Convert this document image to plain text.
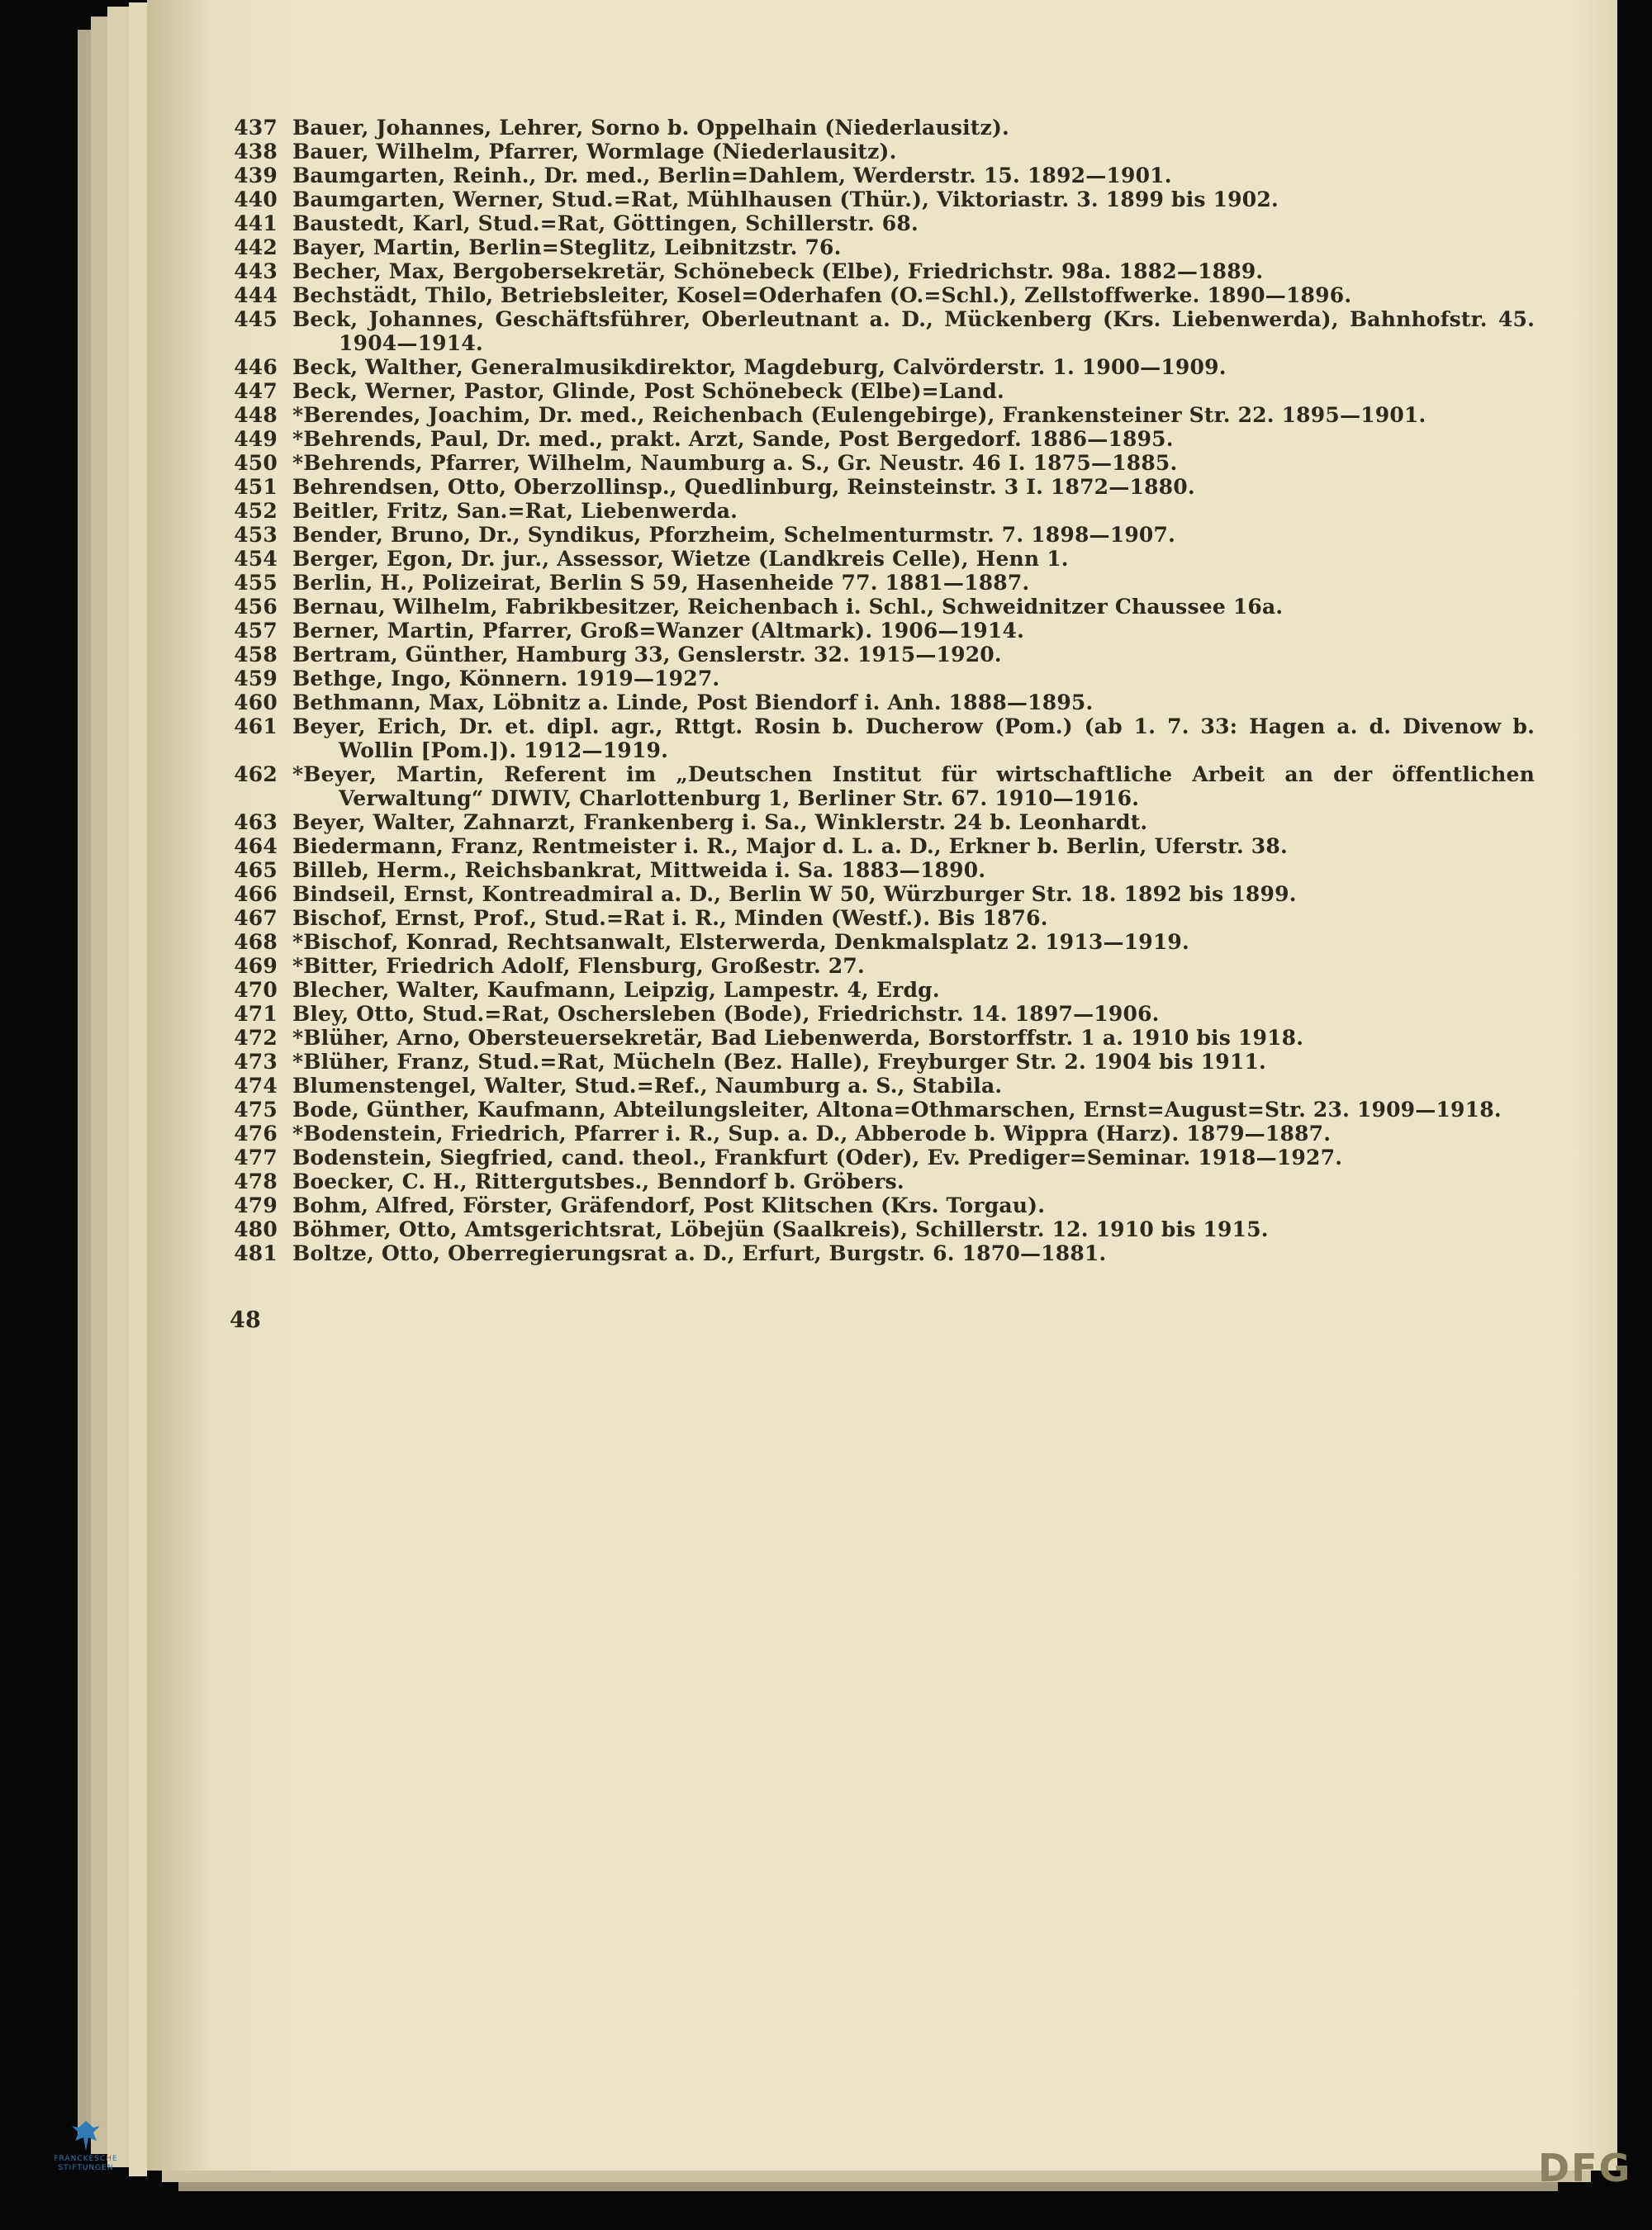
437 Bauer, Johannes, Lehrer, Sorno b. Oppelhain (Niederlausitz).
438 Bauer, Wilhelm, Pfarrer, Wormlage (Niederlausitz).
439 Baumgarten, Reinh., Dr. med., Berlin=Dahlem, Werderstr. 15. 1892—1901.
440 Baumgarten, Werner, Stud.=Rat, Mühlhausen (Thür.), Viktoriastr. 3. 1899 bis 1902.
441 Baustedt, Karl, Stud.=Rat, Göttingen, Schillerstr. 68.
442 Bayer, Martin, Berlin=Steglitz, Leibnitzstr. 76.
443 Becher, Max, Bergobersekretär, Schönebeck (Elbe), Friedrichstr. 98a. 1882—1889.
444 Bechstädt, Thilo, Betriebsleiter, Kosel=Oderhafen (O.=Schl.), Zellstoffwerke. 1890—1896.
445 Beck, Johannes, Geschäftsführer, Oberleutnant a. D., Mückenberg (Krs. Liebenwerda), Bahnhofstr. 45. 1904—1914.
446 Beck, Walther, Generalmusikdirektor, Magdeburg, Calvörderstr. 1. 1900—1909.
447 Beck, Werner, Pastor, Glinde, Post Schönebeck (Elbe)=Land.
448 *Berendes, Joachim, Dr. med., Reichenbach (Eulengebirge), Frankensteiner Str. 22. 1895—1901.
449 *Behrends, Paul, Dr. med., prakt. Arzt, Sande, Post Bergedorf. 1886—1895.
450 *Behrends, Pfarrer, Wilhelm, Naumburg a. S., Gr. Neustr. 46 I. 1875—1885.
451 Behrendsen, Otto, Oberzollinsp., Quedlinburg, Reinsteinstr. 3 I. 1872—1880.
452 Beitler, Fritz, San.=Rat, Liebenwerda.
453 Bender, Bruno, Dr., Syndikus, Pforzheim, Schelmenturmstr. 7. 1898—1907.
454 Berger, Egon, Dr. jur., Assessor, Wietze (Landkreis Celle), Henn 1.
455 Berlin, H., Polizeirat, Berlin S 59, Hasenheide 77. 1881—1887.
456 Bernau, Wilhelm, Fabrikbesitzer, Reichenbach i. Schl., Schweidnitzer Chaussee 16a.
457 Berner, Martin, Pfarrer, Groß=Wanzer (Altmark). 1906—1914.
458 Bertram, Günther, Hamburg 33, Genslerstr. 32. 1915—1920.
459 Bethge, Ingo, Könnern. 1919—1927.
460 Bethmann, Max, Löbnitz a. Linde, Post Biendorf i. Anh. 1888—1895.
461 Beyer, Erich, Dr. et. dipl. agr., Rttgt. Rosin b. Ducherow (Pom.) (ab 1. 7. 33: Hagen a. d. Divenow b. Wollin [Pom.]). 1912—1919.
462 *Beyer, Martin, Referent im „Deutschen Institut für wirtschaftliche Arbeit an der öffentlichen Verwaltung“ DIWIV, Charlottenburg 1, Berliner Str. 67. 1910—1916.
463 Beyer, Walter, Zahnarzt, Frankenberg i. Sa., Winklerstr. 24 b. Leonhardt.
464 Biedermann, Franz, Rentmeister i. R., Major d. L. a. D., Erkner b. Berlin, Uferstr. 38.
465 Billeb, Herm., Reichsbankrat, Mittweida i. Sa. 1883—1890.
466 Bindseil, Ernst, Kontreadmiral a. D., Berlin W 50, Würzburger Str. 18. 1892 bis 1899.
467 Bischof, Ernst, Prof., Stud.=Rat i. R., Minden (Westf.). Bis 1876.
468 *Bischof, Konrad, Rechtsanwalt, Elsterwerda, Denkmalsplatz 2. 1913—1919.
469 *Bitter, Friedrich Adolf, Flensburg, Großestr. 27.
470 Blecher, Walter, Kaufmann, Leipzig, Lampestr. 4, Erdg.
471 Bley, Otto, Stud.=Rat, Oschersleben (Bode), Friedrichstr. 14. 1897—1906.
472 *Blüher, Arno, Obersteuersekretär, Bad Liebenwerda, Borstorffstr. 1 a. 1910 bis 1918.
473 *Blüher, Franz, Stud.=Rat, Mücheln (Bez. Halle), Freyburger Str. 2. 1904 bis 1911.
474 Blumenstengel, Walter, Stud.=Ref., Naumburg a. S., Stabila.
475 Bode, Günther, Kaufmann, Abteilungsleiter, Altona=Othmarschen, Ernst=August=Str. 23. 1909—1918.
476 *Bodenstein, Friedrich, Pfarrer i. R., Sup. a. D., Abberode b. Wippra (Harz). 1879—1887.
477 Bodenstein, Siegfried, cand. theol., Frankfurt (Oder), Ev. Prediger=Seminar. 1918—1927.
478 Boecker, C. H., Rittergutsbes., Benndorf b. Gröbers.
479 Bohm, Alfred, Förster, Gräfendorf, Post Klitschen (Krs. Torgau).
480 Böhmer, Otto, Amtsgerichtsrat, Löbejün (Saalkreis), Schillerstr. 12. 1910 bis 1915.
481 Boltze, Otto, Oberregierungsrat a. D., Erfurt, Burgstr. 6. 1870—1881.
48
FRANCKESCHE
STIFTUNGEN	DFG
